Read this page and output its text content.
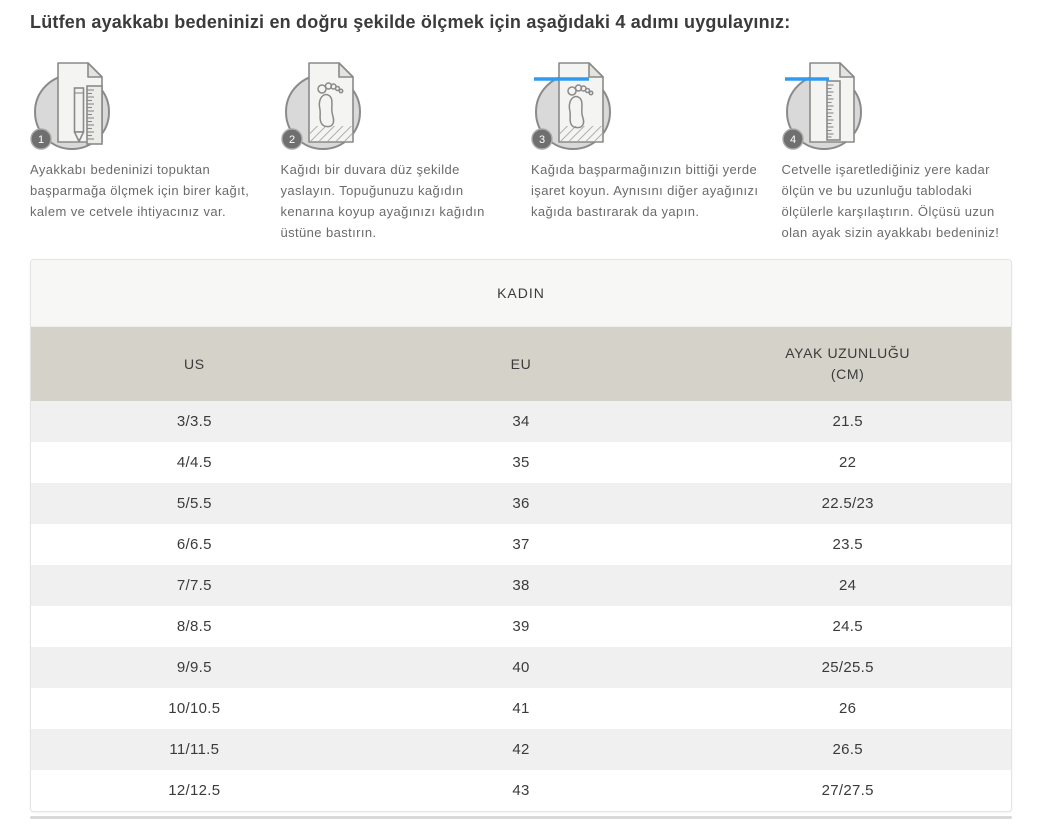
Lütfen ayakkabı bedeninizi en doğru şekilde ölçmek için aşağıdaki 4 adımı uygulayınız:
1

Ayakkabı bedeninizi topuktan başparmağa ölçmek için birer kağıt, kalem ve cetvele ihtiyacınız var.

2

Kağıdı bir duvara düz şekilde yaslayın. Topuğunuzu kağıdın kenarına koyup ayağınızı kağıdın üstüne bastırın.

3

Kağıda başparmağınızın bittiği yerde işaret koyun. Aynısını diğer ayağınızı kağıda bastırarak da yapın.

4

Cetvelle işaretlediğiniz yere kadar ölçün ve bu uzunluğu tablodaki ölçülerle karşılaştırın. Ölçüsü uzun olan ayak sizin ayakkabı bedeniniz!

KADIN
US	EU	AYAK UZUNLUĞU (CM)
3/3.5	34	21.5
4/4.5	35	22
5/5.5	36	22.5/23
6/6.5	37	23.5
7/7.5	38	24
8/8.5	39	24.5
9/9.5	40	25/25.5
10/10.5	41	26
11/11.5	42	26.5
12/12.5	43	27/27.5
